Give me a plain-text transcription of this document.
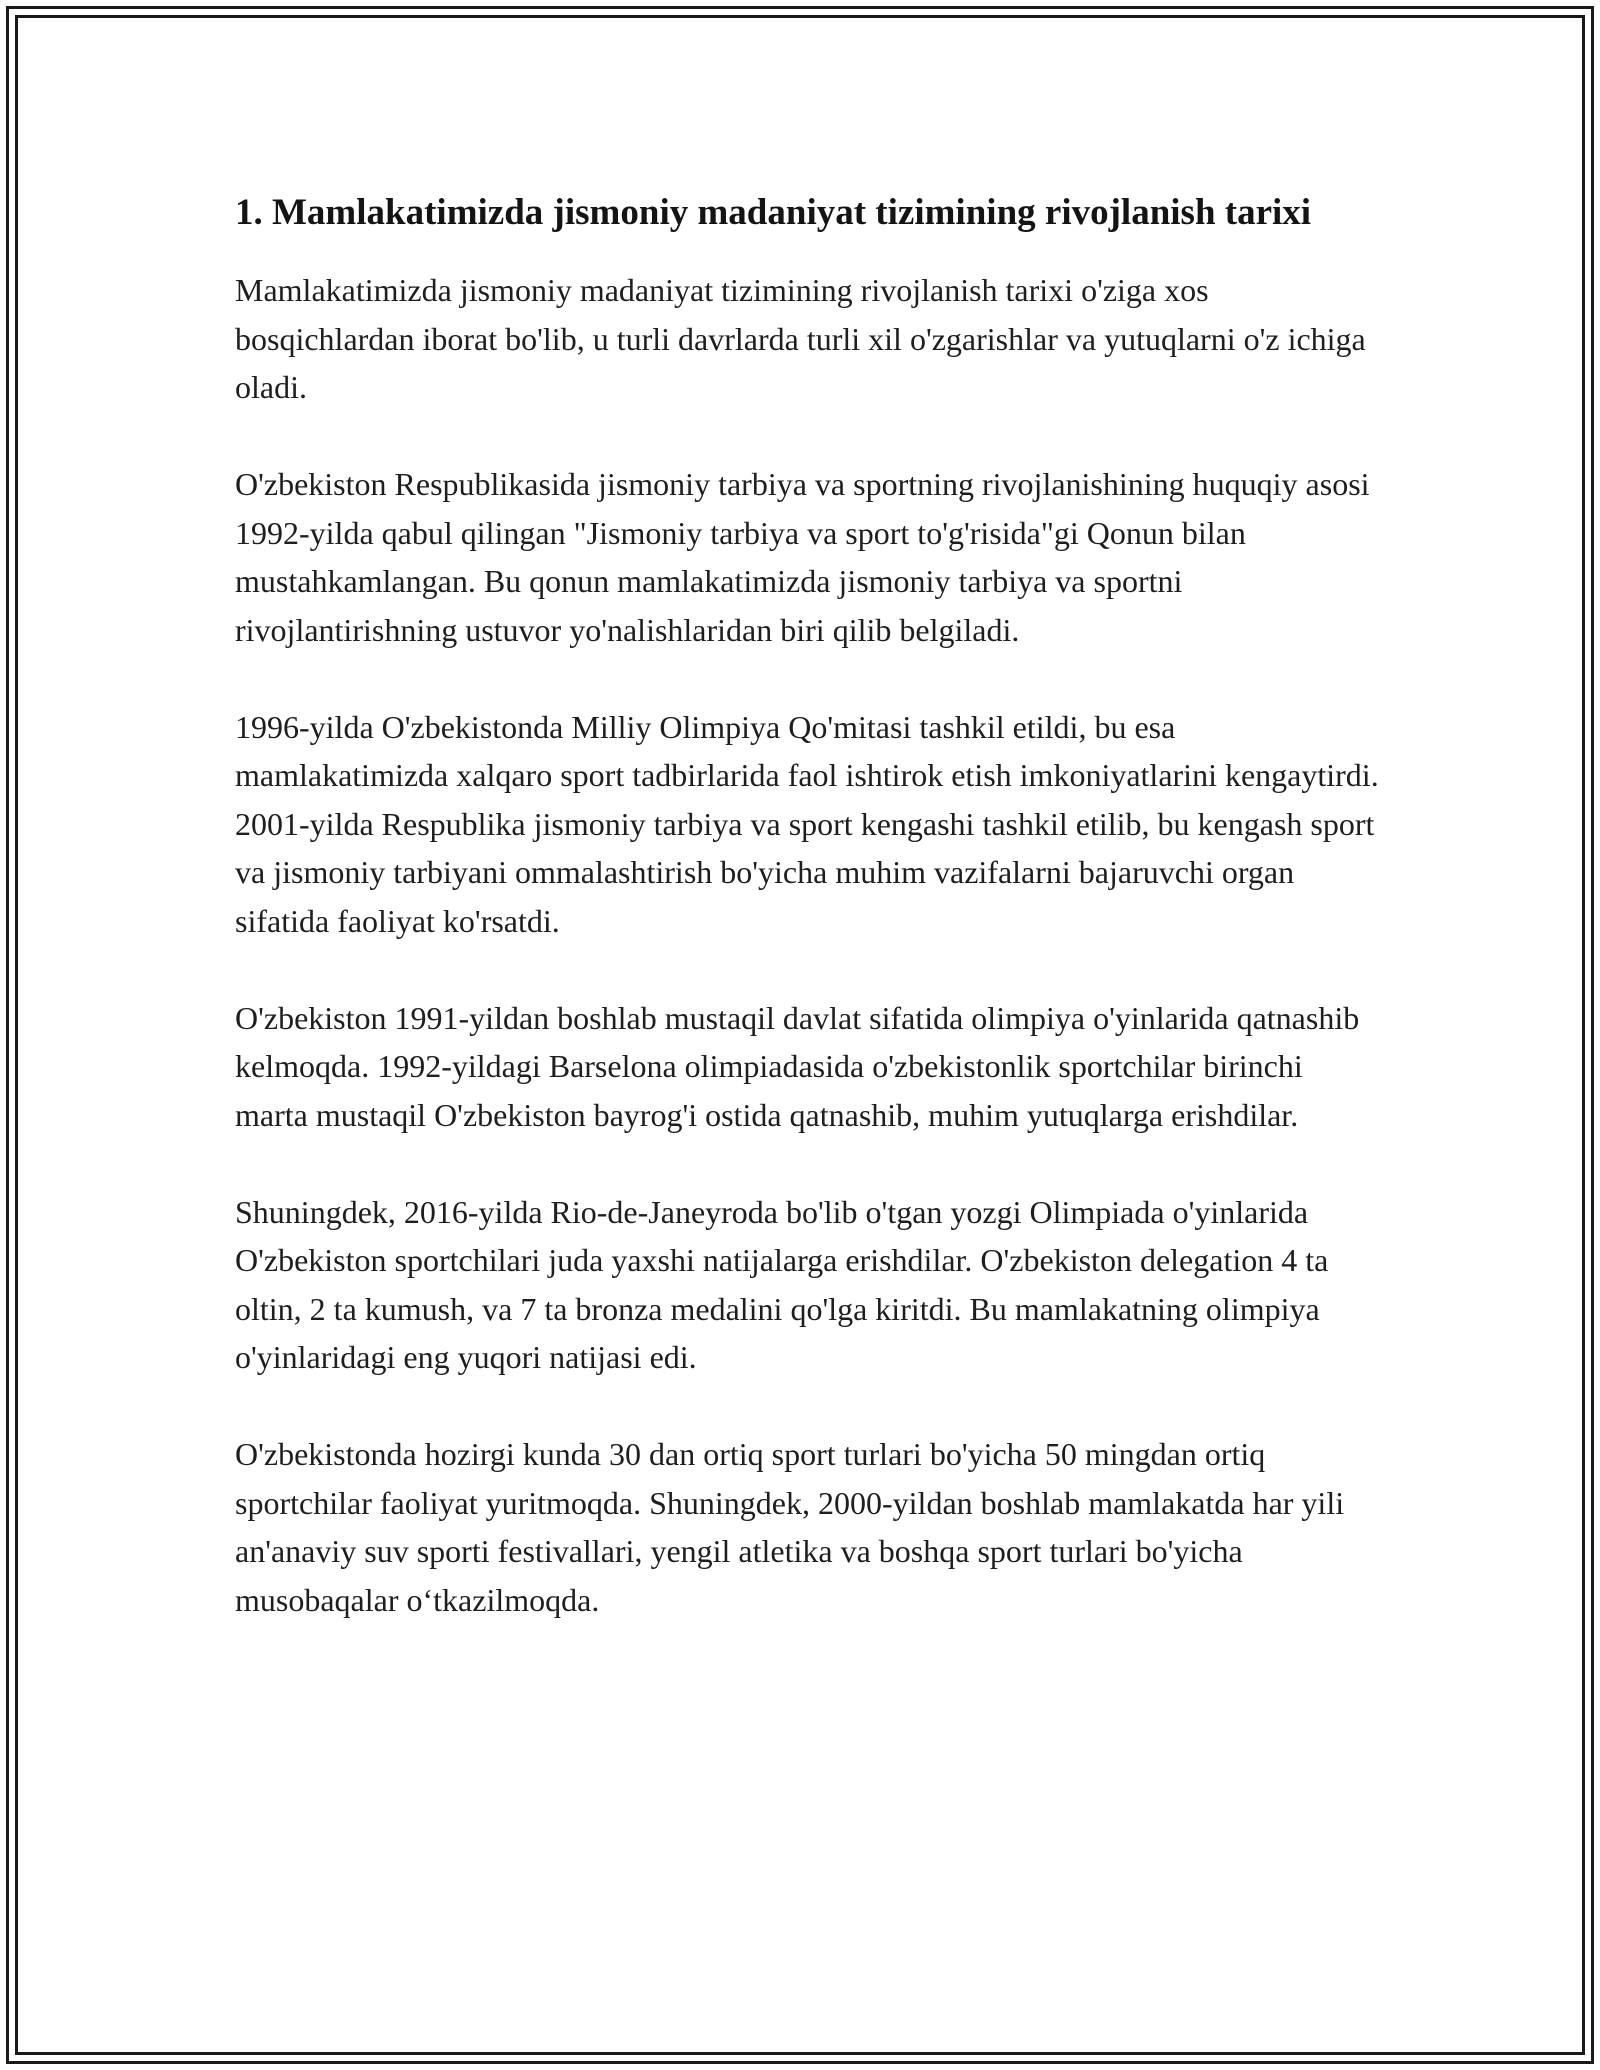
1. Mamlakatimizda jismoniy madaniyat tizimining rivojlanish tarixi

Mamlakatimizda jismoniy madaniyat tizimining rivojlanish tarixi o'ziga xos bosqichlardan iborat bo'lib, u turli davrlarda turli xil o'zgarishlar va yutuqlarni o'z ichiga oladi.

O'zbekiston Respublikasida jismoniy tarbiya va sportning rivojlanishining huquqiy asosi 1992-yilda qabul qilingan "Jismoniy tarbiya va sport to'g'risida"gi Qonun bilan mustahkamlangan. Bu qonun mamlakatimizda jismoniy tarbiya va sportni rivojlantirishning ustuvor yo'nalishlaridan biri qilib belgiladi.

1996-yilda O'zbekistonda Milliy Olimpiya Qo'mitasi tashkil etildi, bu esa mamlakatimizda xalqaro sport tadbirlarida faol ishtirok etish imkoniyatlarini kengaytirdi. 2001-yilda Respublika jismoniy tarbiya va sport kengashi tashkil etilib, bu kengash sport va jismoniy tarbiyani ommalashtirish bo'yicha muhim vazifalarni bajaruvchi organ sifatida faoliyat ko'rsatdi.

O'zbekiston 1991-yildan boshlab mustaqil davlat sifatida olimpiya o'yinlarida qatnashib kelmoqda. 1992-yildagi Barselona olimpiadasida o'zbekistonlik sportchilar birinchi marta mustaqil O'zbekiston bayrog'i ostida qatnashib, muhim yutuqlarga erishdilar.

Shuningdek, 2016-yilda Rio-de-Janeyroda bo'lib o'tgan yozgi Olimpiada o'yinlarida O'zbekiston sportchilari juda yaxshi natijalarga erishdilar. O'zbekiston delegation 4 ta oltin, 2 ta kumush, va 7 ta bronza medalini qo'lga kiritdi. Bu mamlakatning olimpiya o'yinlaridagi eng yuqori natijasi edi.

O'zbekistonda hozirgi kunda 30 dan ortiq sport turlari bo'yicha 50 mingdan ortiq sportchilar faoliyat yuritmoqda. Shuningdek, 2000-yildan boshlab mamlakatda har yili an'anaviy suv sporti festivallari, yengil atletika va boshqa sport turlari bo'yicha musobaqalar o‘tkazilmoqda.
